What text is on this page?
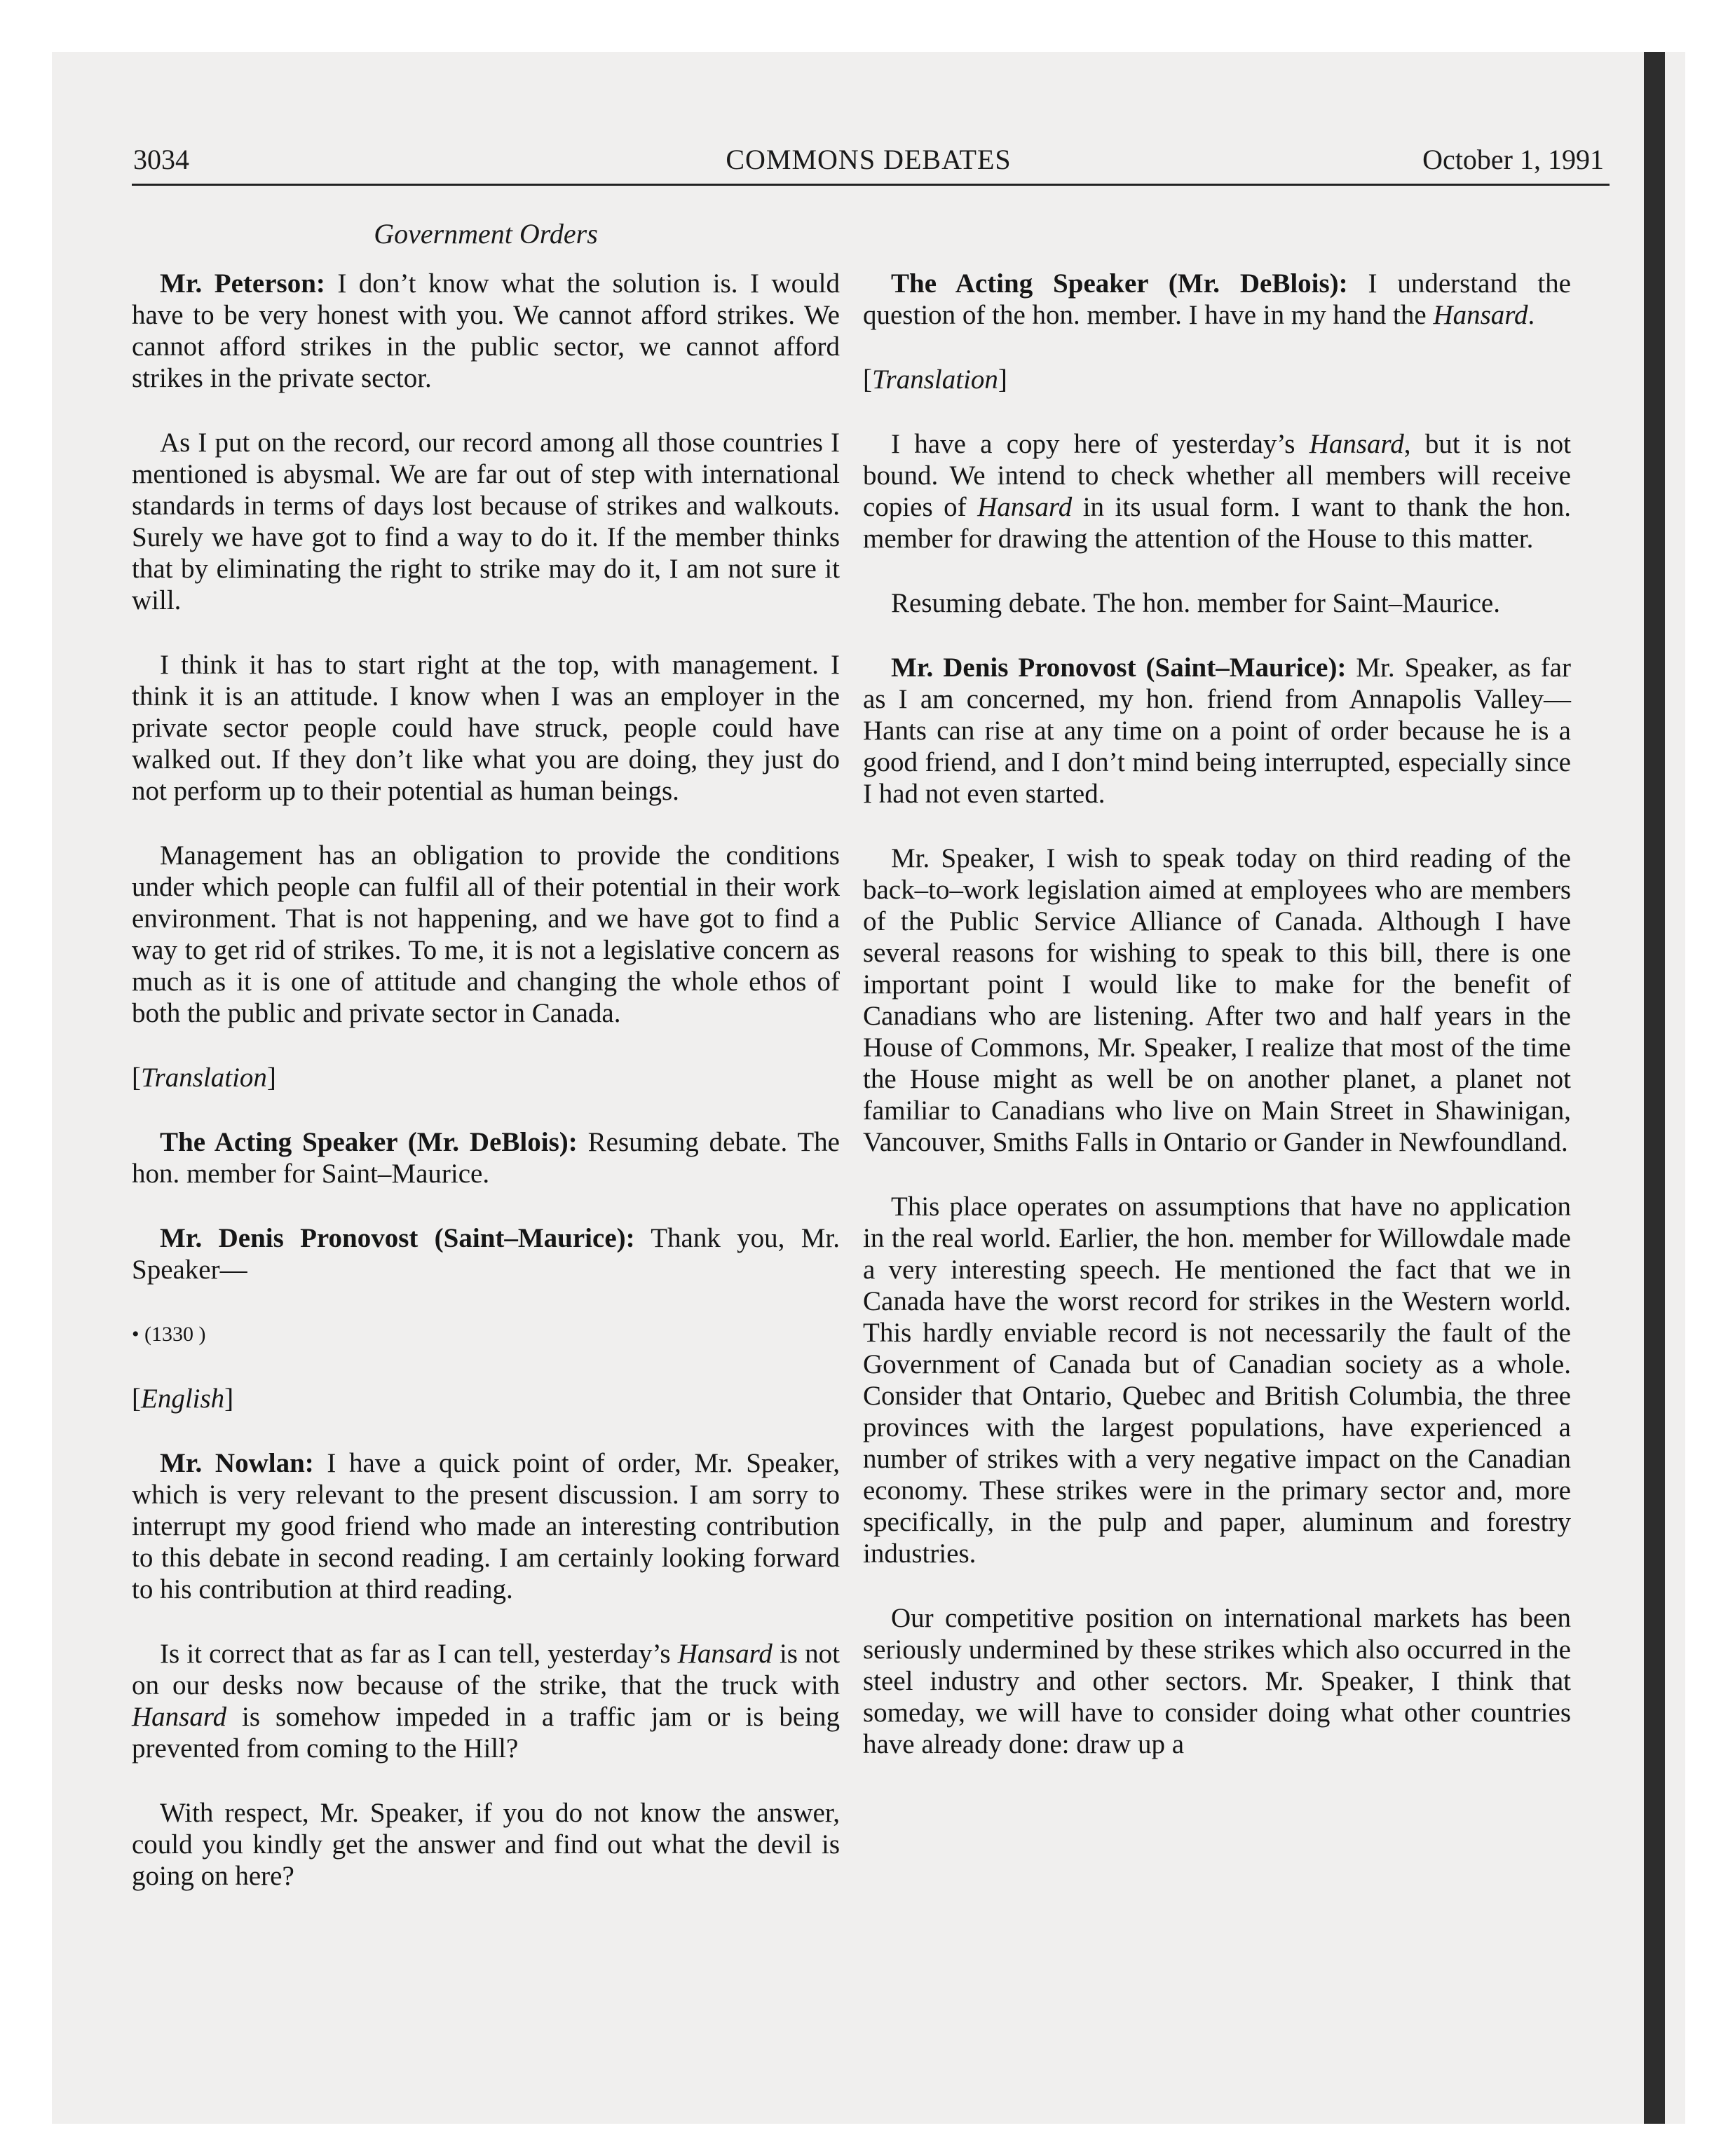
3034	COMMONS DEBATES	October 1, 1991
Government Orders

Mr. Peterson: I don’t know what the solution is. I would have to be very honest with you. We cannot afford strikes. We cannot afford strikes in the public sector, we cannot afford strikes in the private sector.

As I put on the record, our record among all those countries I mentioned is abysmal. We are far out of step with international standards in terms of days lost because of strikes and walkouts. Surely we have got to find a way to do it. If the member thinks that by eliminating the right to strike may do it, I am not sure it will.

I think it has to start right at the top, with management. I think it is an attitude. I know when I was an employer in the private sector people could have struck, people could have walked out. If they don’t like what you are doing, they just do not perform up to their potential as human beings.

Management has an obligation to provide the conditions under which people can fulfil all of their potential in their work environment. That is not happening, and we have got to find a way to get rid of strikes. To me, it is not a legislative concern as much as it is one of attitude and changing the whole ethos of both the public and private sector in Canada.

[Translation]

The Acting Speaker (Mr. DeBlois): Resuming debate. The hon. member for Saint–Maurice.

Mr. Denis Pronovost (Saint–Maurice): Thank you, Mr. Speaker—

• (1330 )

[English]

Mr. Nowlan: I have a quick point of order, Mr. Speaker, which is very relevant to the present discussion. I am sorry to interrupt my good friend who made an interesting contribution to this debate in second reading. I am certainly looking forward to his contribution at third reading.

Is it correct that as far as I can tell, yesterday’s Hansard is not on our desks now because of the strike, that the truck with Hansard is somehow impeded in a traffic jam or is being prevented from coming to the Hill?

With respect, Mr. Speaker, if you do not know the answer, could you kindly get the answer and find out what the devil is going on here?

The Acting Speaker (Mr. DeBlois): I understand the question of the hon. member. I have in my hand the Hansard.

[Translation]

I have a copy here of yesterday’s Hansard, but it is not bound. We intend to check whether all members will receive copies of Hansard in its usual form. I want to thank the hon. member for drawing the attention of the House to this matter.

Resuming debate. The hon. member for Saint–Maurice.

Mr. Denis Pronovost (Saint–Maurice): Mr. Speaker, as far as I am concerned, my hon. friend from Annapolis Valley—Hants can rise at any time on a point of order because he is a good friend, and I don’t mind being interrupted, especially since I had not even started.

Mr. Speaker, I wish to speak today on third reading of the back–to–work legislation aimed at employees who are members of the Public Service Alliance of Canada. Although I have several reasons for wishing to speak to this bill, there is one important point I would like to make for the benefit of Canadians who are listening. After two and half years in the House of Commons, Mr. Speaker, I realize that most of the time the House might as well be on another planet, a planet not familiar to Canadians who live on Main Street in Shawinigan, Vancouver, Smiths Falls in Ontario or Gander in Newfoundland.

This place operates on assumptions that have no application in the real world. Earlier, the hon. member for Willowdale made a very interesting speech. He mentioned the fact that we in Canada have the worst record for strikes in the Western world. This hardly enviable record is not necessarily the fault of the Government of Canada but of Canadian society as a whole. Consider that Ontario, Quebec and British Columbia, the three provinces with the largest populations, have experienced a number of strikes with a very negative impact on the Canadian economy. These strikes were in the primary sector and, more specifically, in the pulp and paper, aluminum and forestry industries.

Our competitive position on international markets has been seriously undermined by these strikes which also occurred in the steel industry and other sectors. Mr. Speaker, I think that someday, we will have to consider doing what other countries have already done: draw up a
